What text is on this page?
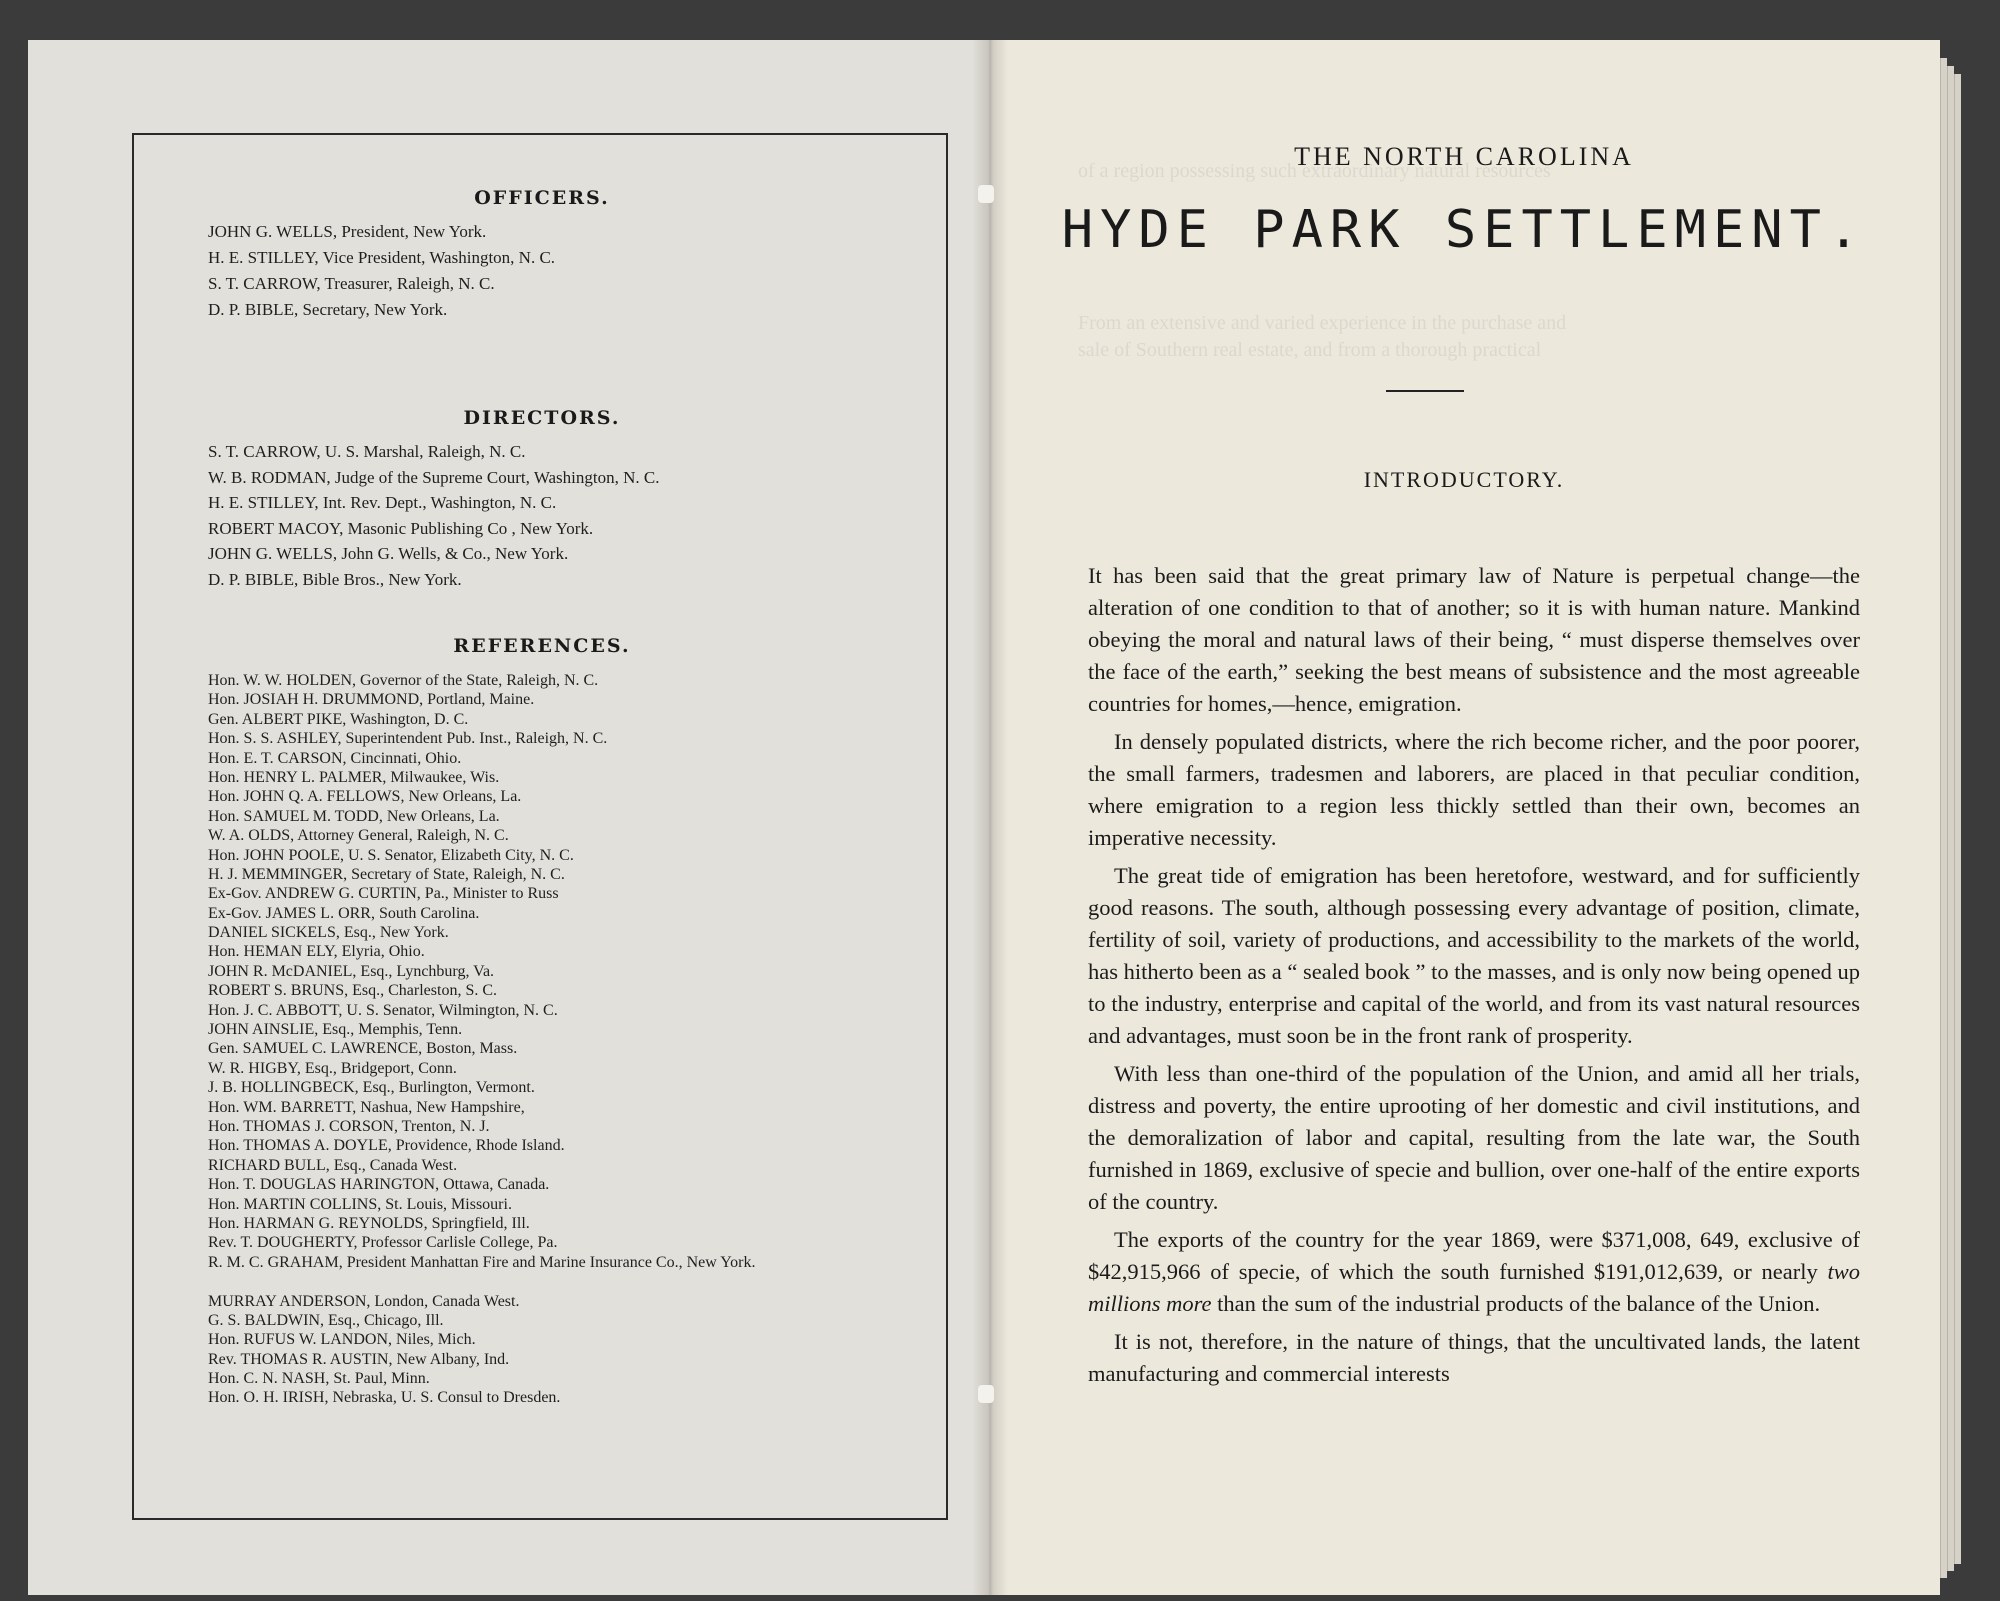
OFFICERS.
JOHN G. WELLS, President, New York.
H. E. STILLEY, Vice President, Washington, N. C.
S. T. CARROW, Treasurer, Raleigh, N. C.
D. P. BIBLE, Secretary, New York.
DIRECTORS.
S. T. CARROW, U. S. Marshal, Raleigh, N. C.
W. B. RODMAN, Judge of the Supreme Court, Washington, N. C.
H. E. STILLEY, Int. Rev. Dept., Washington, N. C.
ROBERT MACOY, Masonic Publishing Co , New York.
JOHN G. WELLS, John G. Wells, & Co., New York.
D. P. BIBLE, Bible Bros., New York.
REFERENCES.
Hon. W. W. HOLDEN, Governor of the State, Raleigh, N. C.
Hon. JOSIAH H. DRUMMOND, Portland, Maine.
Gen. ALBERT PIKE, Washington, D. C.
Hon. S. S. ASHLEY, Superintendent Pub. Inst., Raleigh, N. C.
Hon. E. T. CARSON, Cincinnati, Ohio.
Hon. HENRY L. PALMER, Milwaukee, Wis.
Hon. JOHN Q. A. FELLOWS, New Orleans, La.
Hon. SAMUEL M. TODD, New Orleans, La.
W. A. OLDS, Attorney General, Raleigh, N. C.
Hon. JOHN POOLE, U. S. Senator, Elizabeth City, N. C.
H. J. MEMMINGER, Secretary of State, Raleigh, N. C.
Ex-Gov. ANDREW G. CURTIN, Pa., Minister to Russ
Ex-Gov. JAMES L. ORR, South Carolina.
DANIEL SICKELS, Esq., New York.
Hon. HEMAN ELY, Elyria, Ohio.
JOHN R. McDANIEL, Esq., Lynchburg, Va.
ROBERT S. BRUNS, Esq., Charleston, S. C.
Hon. J. C. ABBOTT, U. S. Senator, Wilmington, N. C.
JOHN AINSLIE, Esq., Memphis, Tenn.
Gen. SAMUEL C. LAWRENCE, Boston, Mass.
W. R. HIGBY, Esq., Bridgeport, Conn.
J. B. HOLLINGBECK, Esq., Burlington, Vermont.
Hon. WM. BARRETT, Nashua, New Hampshire,
Hon. THOMAS J. CORSON, Trenton, N. J.
Hon. THOMAS A. DOYLE, Providence, Rhode Island.
RICHARD BULL, Esq., Canada West.
Hon. T. DOUGLAS HARINGTON, Ottawa, Canada.
Hon. MARTIN COLLINS, St. Louis, Missouri.
Hon. HARMAN G. REYNOLDS, Springfield, Ill.
Rev. T. DOUGHERTY, Professor Carlisle College, Pa.
R. M. C. GRAHAM, President Manhattan Fire and Marine Insurance Co., New York.
MURRAY ANDERSON, London, Canada West.
G. S. BALDWIN, Esq., Chicago, Ill.
Hon. RUFUS W. LANDON, Niles, Mich.
Rev. THOMAS R. AUSTIN, New Albany, Ind.
Hon. C. N. NASH, St. Paul, Minn.
Hon. O. H. IRISH, Nebraska, U. S. Consul to Dresden.
of a region possessing such extraordinary natural resources
From an extensive and varied experience in the purchase and
sale of Southern real estate, and from a thorough practical
THE NORTH CAROLINA
HYDE PARK SETTLEMENT.
INTRODUCTORY.

It has been said that the great primary law of Nature is perpetual change—the alteration of one condition to that of another; so it is with human nature. Mankind obeying the moral and natural laws of their being, “ must disperse themselves over the face of the earth,” seeking the best means of subsistence and the most agreeable countries for homes,—hence, emigration.

In densely populated districts, where the rich become richer, and the poor poorer, the small farmers, tradesmen and laborers, are placed in that peculiar condition, where emigration to a region less thickly settled than their own, becomes an imperative necessity.

The great tide of emigration has been heretofore, westward, and for sufficiently good reasons. The south, although possessing every advantage of position, climate, fertility of soil, variety of productions, and accessibility to the markets of the world, has hitherto been as a “ sealed book ” to the masses, and is only now being opened up to the industry, enterprise and capital of the world, and from its vast natural resources and advantages, must soon be in the front rank of prosperity.

With less than one-third of the population of the Union, and amid all her trials, distress and poverty, the entire uprooting of her domestic and civil institutions, and the demoralization of labor and capital, resulting from the late war, the South furnished in 1869, exclusive of specie and bullion, over one-half of the entire exports of the country.

The exports of the country for the year 1869, were $371,008, 649, exclusive of $42,915,966 of specie, of which the south furnished $191,012,639, or nearly two millions more than the sum of the industrial products of the balance of the Union.

It is not, therefore, in the nature of things, that the uncultivated lands, the latent manufacturing and commercial interests
